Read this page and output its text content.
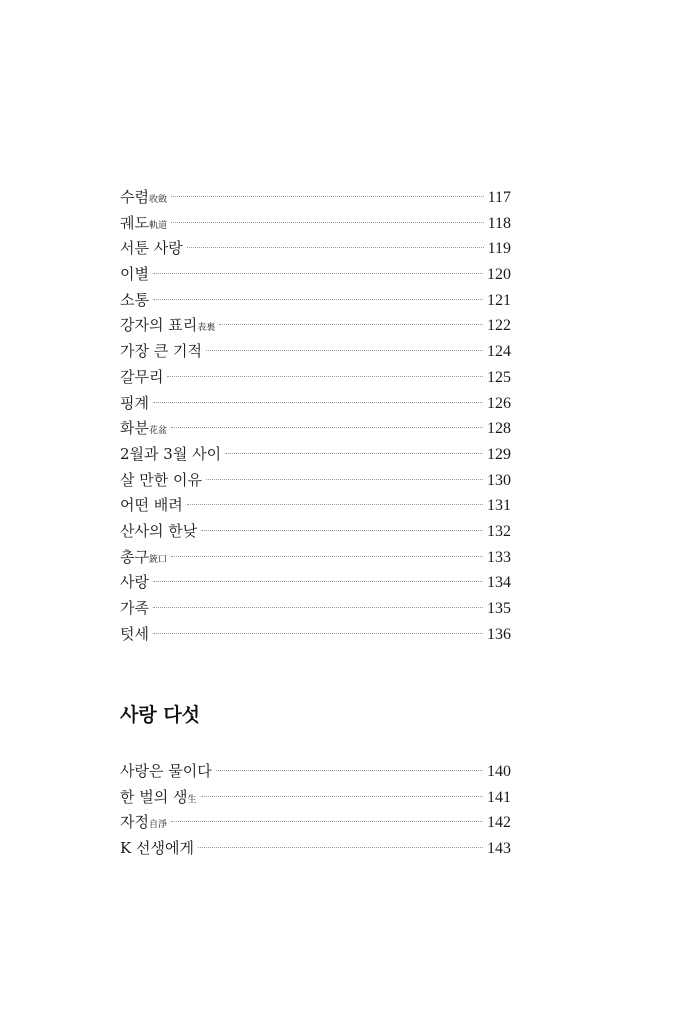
수렴收斂	117
궤도軌道	118
서툰 사랑	119
이별	120
소통	121
강자의 표리表裏	122
가장 큰 기적	124
갈무리	125
핑계	126
화분花盆	128
2월과 3월 사이	129
살 만한 이유	130
어떤 배려	131
산사의 한낮	132
총구銃口	133
사랑	134
가족	135
텃세	136
사랑 다섯
사랑은 물이다	140
한 벌의 생生	141
자정自淨	142
K 선생에게	143
